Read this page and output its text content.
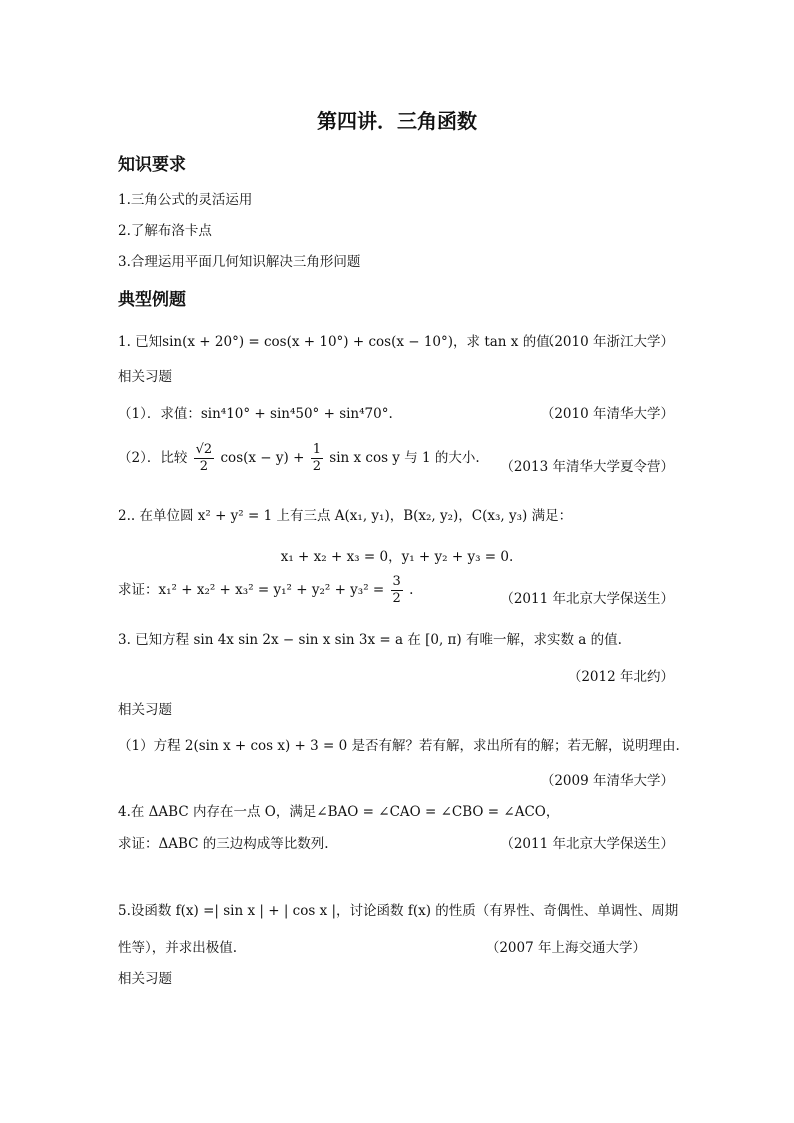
第四讲．三角函数
知识要求
1.三角公式的灵活运用
2.了解布洛卡点
3.合理运用平面几何知识解决三角形问题
典型例题
1. 已知sin(x + 20°) = cos(x + 10°) + cos(x − 10°)，求 tan x 的值.
（2010 年浙江大学）
相关习题
（1）．求值：sin⁴10° + sin⁴50° + sin⁴70°.	（2010 年清华大学）
（2）．比较 $\frac{√2}{2} \cos(x - y) + \frac{1}{2}$ sin x cos y 与 1 的大小.
（2013 年清华大学夏令营）
2.. 在单位圆 x² + y² = 1 上有三点 A(x₁, y₁)，B(x₂, y₂)，C(x₃, y₃) 满足：
x₁ + x₂ + x₃ = 0，y₁ + y₂ + y₃ = 0.
求证：$x_1^2 + x_2^2 + x_3^2 = y_1^2 + y_2^2 + y_3^2 = \frac{3}{2}$ .
（2011 年北京大学保送生）
3. 已知方程 sin 4x sin 2x − sin x sin 3x = a 在 [0, π) 有唯一解，求实数 a 的值.
（2012 年北约）
相关习题
（1）方程 2(sin x + cos x) + 3 = 0 是否有解？若有解，求出所有的解；若无解，说明理由.
（2009 年清华大学）
4.在 ΔABC 内存在一点 O，满足∠BAO = ∠CAO = ∠CBO = ∠ACO，
求证：ΔABC 的三边构成等比数列.	（2011 年北京大学保送生）
5.设函数 f(x) =| sin x | + | cos x |，讨论函数 f(x) 的性质（有界性、奇偶性、单调性、周期
性等），并求出极值.	（2007 年上海交通大学）
相关习题
